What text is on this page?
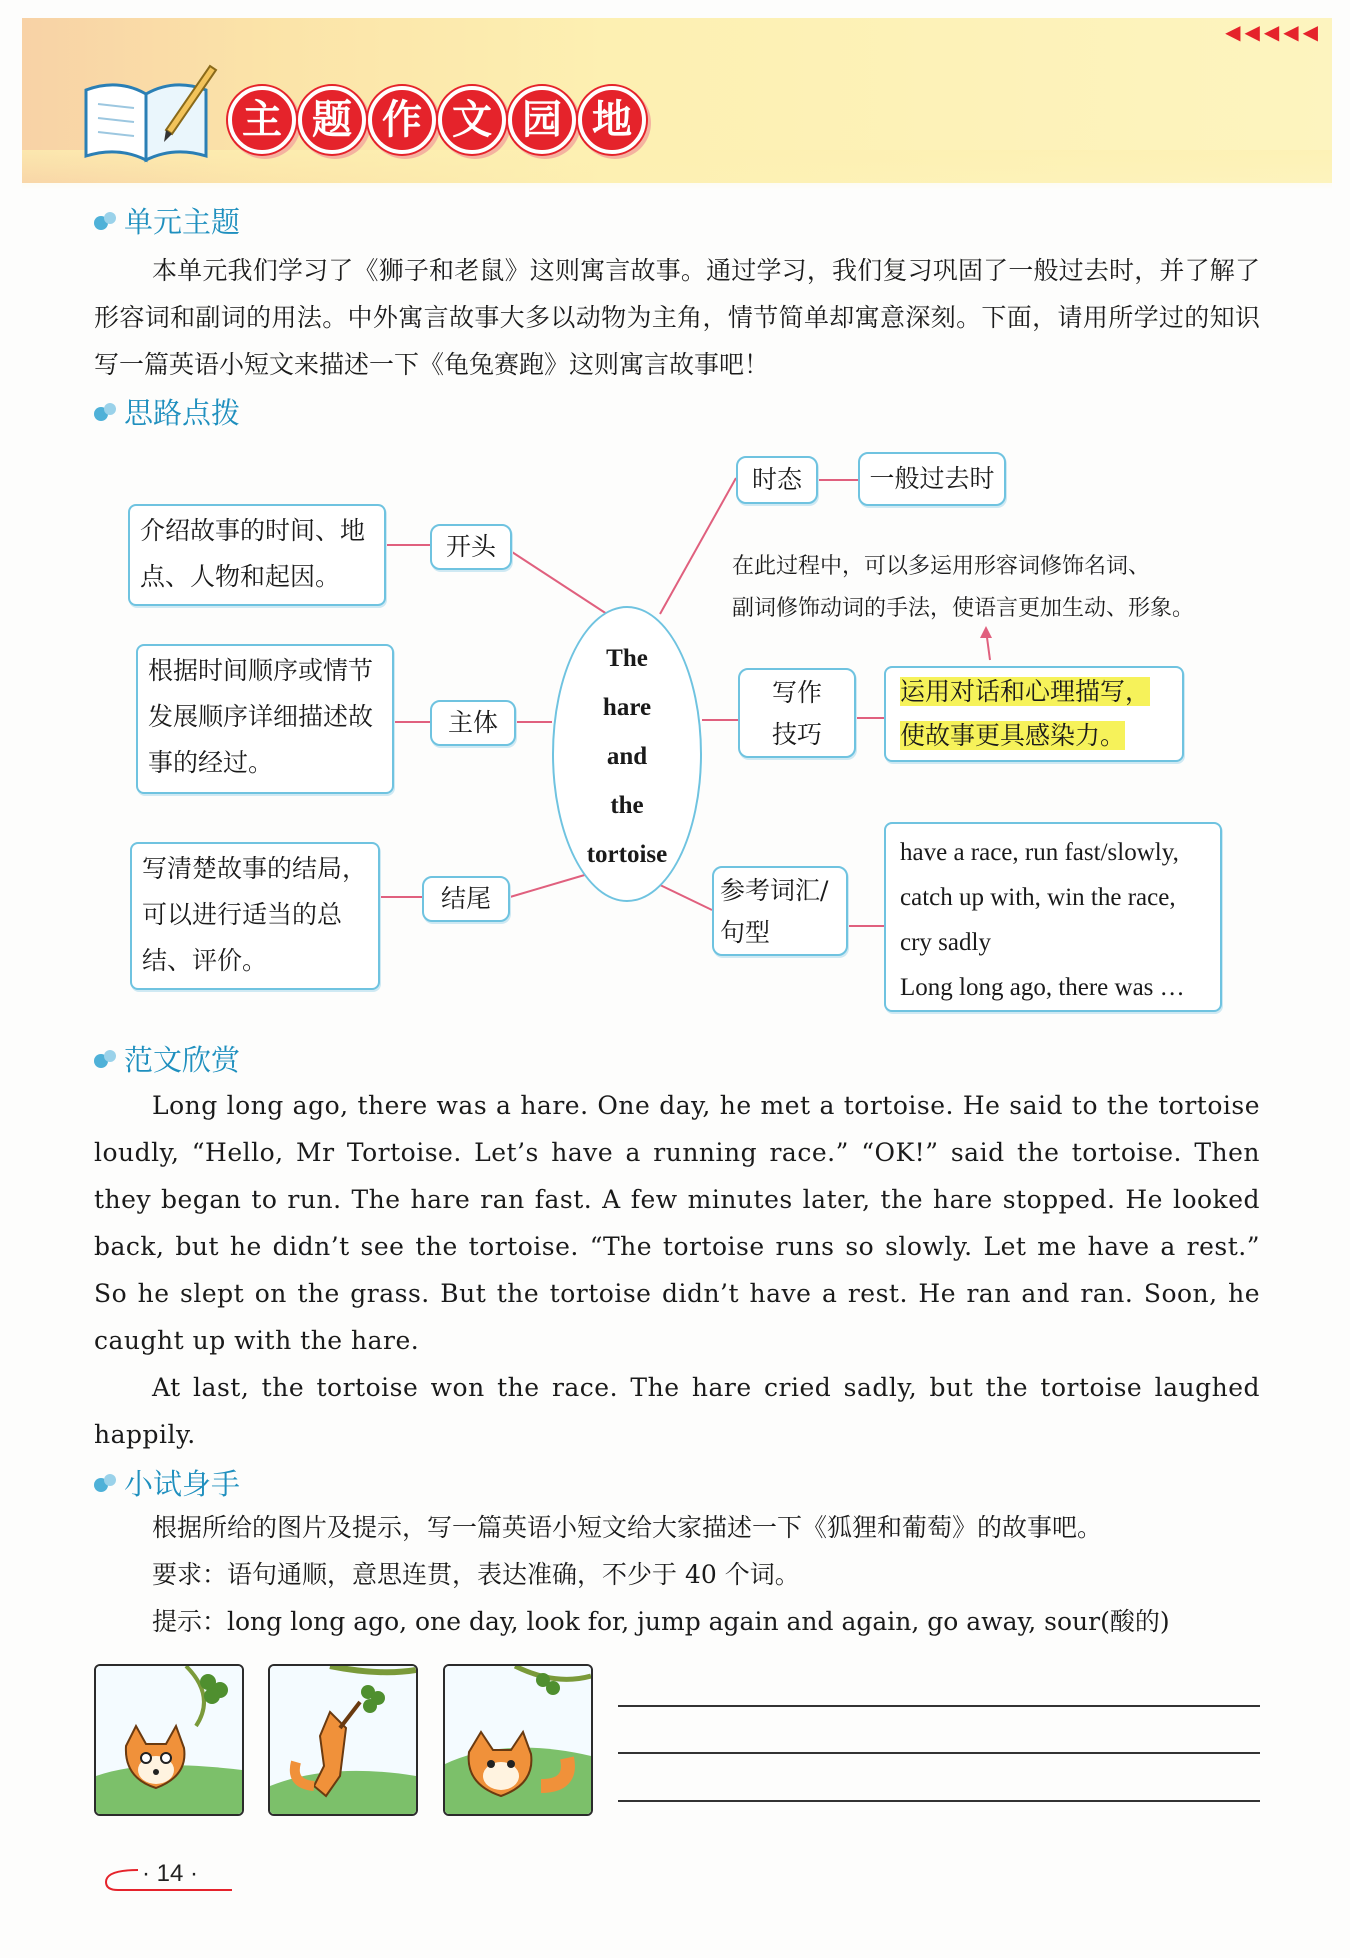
主 题 作 文 园 地
◀◀◀◀◀
单元主题
本单元我们学习了《狮子和老鼠》这则寓言故事。通过学习，我们复习巩固了一般过去时，并了解了形容词和副词的用法。中外寓言故事大多以动物为主角，情节简单却寓意深刻。下面，请用所学过的知识写一篇英语小短文来描述一下《龟兔赛跑》这则寓言故事吧！
思路点拨
介绍故事的时间、地点、人物和起因。
开头
根据时间顺序或情节发展顺序详细描述故事的经过。
主体
写清楚故事的结局，可以进行适当的总结、评价。
结尾
The
hare
and
the
tortoise
时态	一般过去时
在此过程中，可以多运用形容词修饰名词、
副词修饰动词的手法，使语言更加生动、形象。
写作
技巧
运用对话和心理描写，
使故事更具感染力。
参考词汇/
句型
have a race, run fast/slowly,
catch up with, win the race,
cry sadly
Long long ago, there was …
范文欣赏
Long long ago, there was a hare. One day, he met a tortoise. He said to the tortoise loudly, “Hello, Mr Tortoise. Let’s have a running race.” “OK!” said the tortoise. Then they began to run. The hare ran fast. A few minutes later, the hare stopped. He looked back, but he didn’t see the tortoise. “The tortoise runs so slowly. Let me have a rest.” So he slept on the grass. But the tortoise didn’t have a rest. He ran and ran. Soon, he caught up with the hare.
At last, the tortoise won the race. The hare cried sadly, but the tortoise laughed happily.
小试身手
根据所给的图片及提示，写一篇英语小短文给大家描述一下《狐狸和葡萄》的故事吧。
要求：语句通顺，意思连贯，表达准确，不少于 40 个词。
提示：long long ago, one day, look for, jump again and again, go away, sour(酸的)
· 14 ·
